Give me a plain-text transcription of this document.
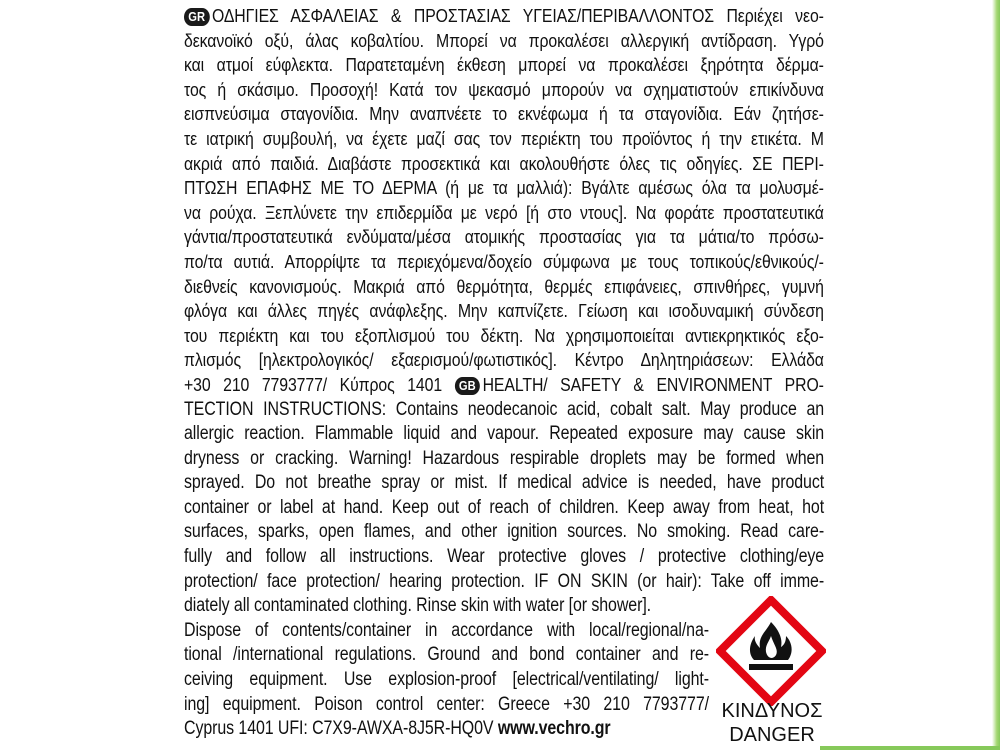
GR ΟΔΗΓΙΕΣ ΑΣΦΑΛΕΙΑΣ & ΠΡΟΣΤΑΣΙΑΣ ΥΓΕΙΑΣ/ΠΕΡΙΒΑΛΛΟΝΤΟΣ Περιέχει νεο-
δεκανοϊκό οξύ, άλας κοβαλτίου. Μπορεί να προκαλέσει αλλεργική αντίδραση. Υγρό
και ατμοί εύφλεκτα. Παρατεταμένη έκθεση μπορεί να προκαλέσει ξηρότητα δέρμα-
τος ή σκάσιμο. Προσοχή! Κατά τον ψεκασμό μπορούν να σχηματιστούν επικίνδυνα
εισπνεύσιμα σταγονίδια. Μην αναπνέετε το εκνέφωμα ή τα σταγονίδια. Εάν ζητήσε-
τε ιατρική συμβουλή, να έχετε μαζί σας τον περιέκτη του προϊόντος ή την ετικέτα. Μ
ακριά από παιδιά. Διαβάστε προσεκτικά και ακολουθήστε όλες τις οδηγίες. ΣΕ ΠΕΡΙ-
ΠΤΩΣΗ ΕΠΑΦΗΣ ΜΕ ΤΟ ΔΕΡΜΑ (ή με τα μαλλιά): Βγάλτε αμέσως όλα τα μολυσμέ-
να ρούχα. Ξεπλύνετε την επιδερμίδα με νερό [ή στο ντους]. Να φοράτε προστατευτικά
γάντια/προστατευτικά ενδύματα/μέσα ατομικής προστασίας για τα μάτια/το πρόσω-
πο/τα αυτιά. Απορρίψτε τα περιεχόμενα/δοχείο σύμφωνα με τους τοπικούς/εθνικούς/-
διεθνείς κανονισμούς. Μακριά από θερμότητα, θερμές επιφάνειες, σπινθήρες, γυμνή
φλόγα και άλλες πηγές ανάφλεξης. Μην καπνίζετε. Γείωση και ισοδυναμική σύνδεση
του περιέκτη και του εξοπλισμού του δέκτη. Να χρησιμοποιείται αντιεκρηκτικός εξο-
πλισμός [ηλεκτρολογικός/ εξαερισμού/φωτιστικός]. Κέντρο Δηλητηριάσεων: Ελλάδα
+30 210 7793777/ Κύπρος 1401 GB HEALTH/ SAFETY & ENVIRONMENT PRO-
TECTION INSTRUCTIONS: Contains neodecanoic acid, cobalt salt. May produce an
allergic reaction. Flammable liquid and vapour. Repeated exposure may cause skin
dryness or cracking. Warning! Hazardous respirable droplets may be formed when
sprayed. Do not breathe spray or mist. If medical advice is needed, have product
container or label at hand. Keep out of reach of children. Keep away from heat, hot
surfaces, sparks, open flames, and other ignition sources. No smoking. Read care-
fully and follow all instructions. Wear protective gloves / protective clothing/eye
protection/ face protection/ hearing protection. IF ON SKIN (or hair): Take off imme-
diately all contaminated clothing. Rinse skin with water [or shower].
Dispose of contents/container in accordance with local/regional/na-
tional /international regulations. Ground and bond container and re-
ceiving equipment. Use explosion-proof [electrical/ventilating/ light-
ing] equipment. Poison control center: Greece +30 210 7793777/
Cyprus 1401 UFI: C7X9-AWXA-8J5R-HQ0V www.vechro.gr
ΚΙΝΔΥΝΟΣ
DANGER
